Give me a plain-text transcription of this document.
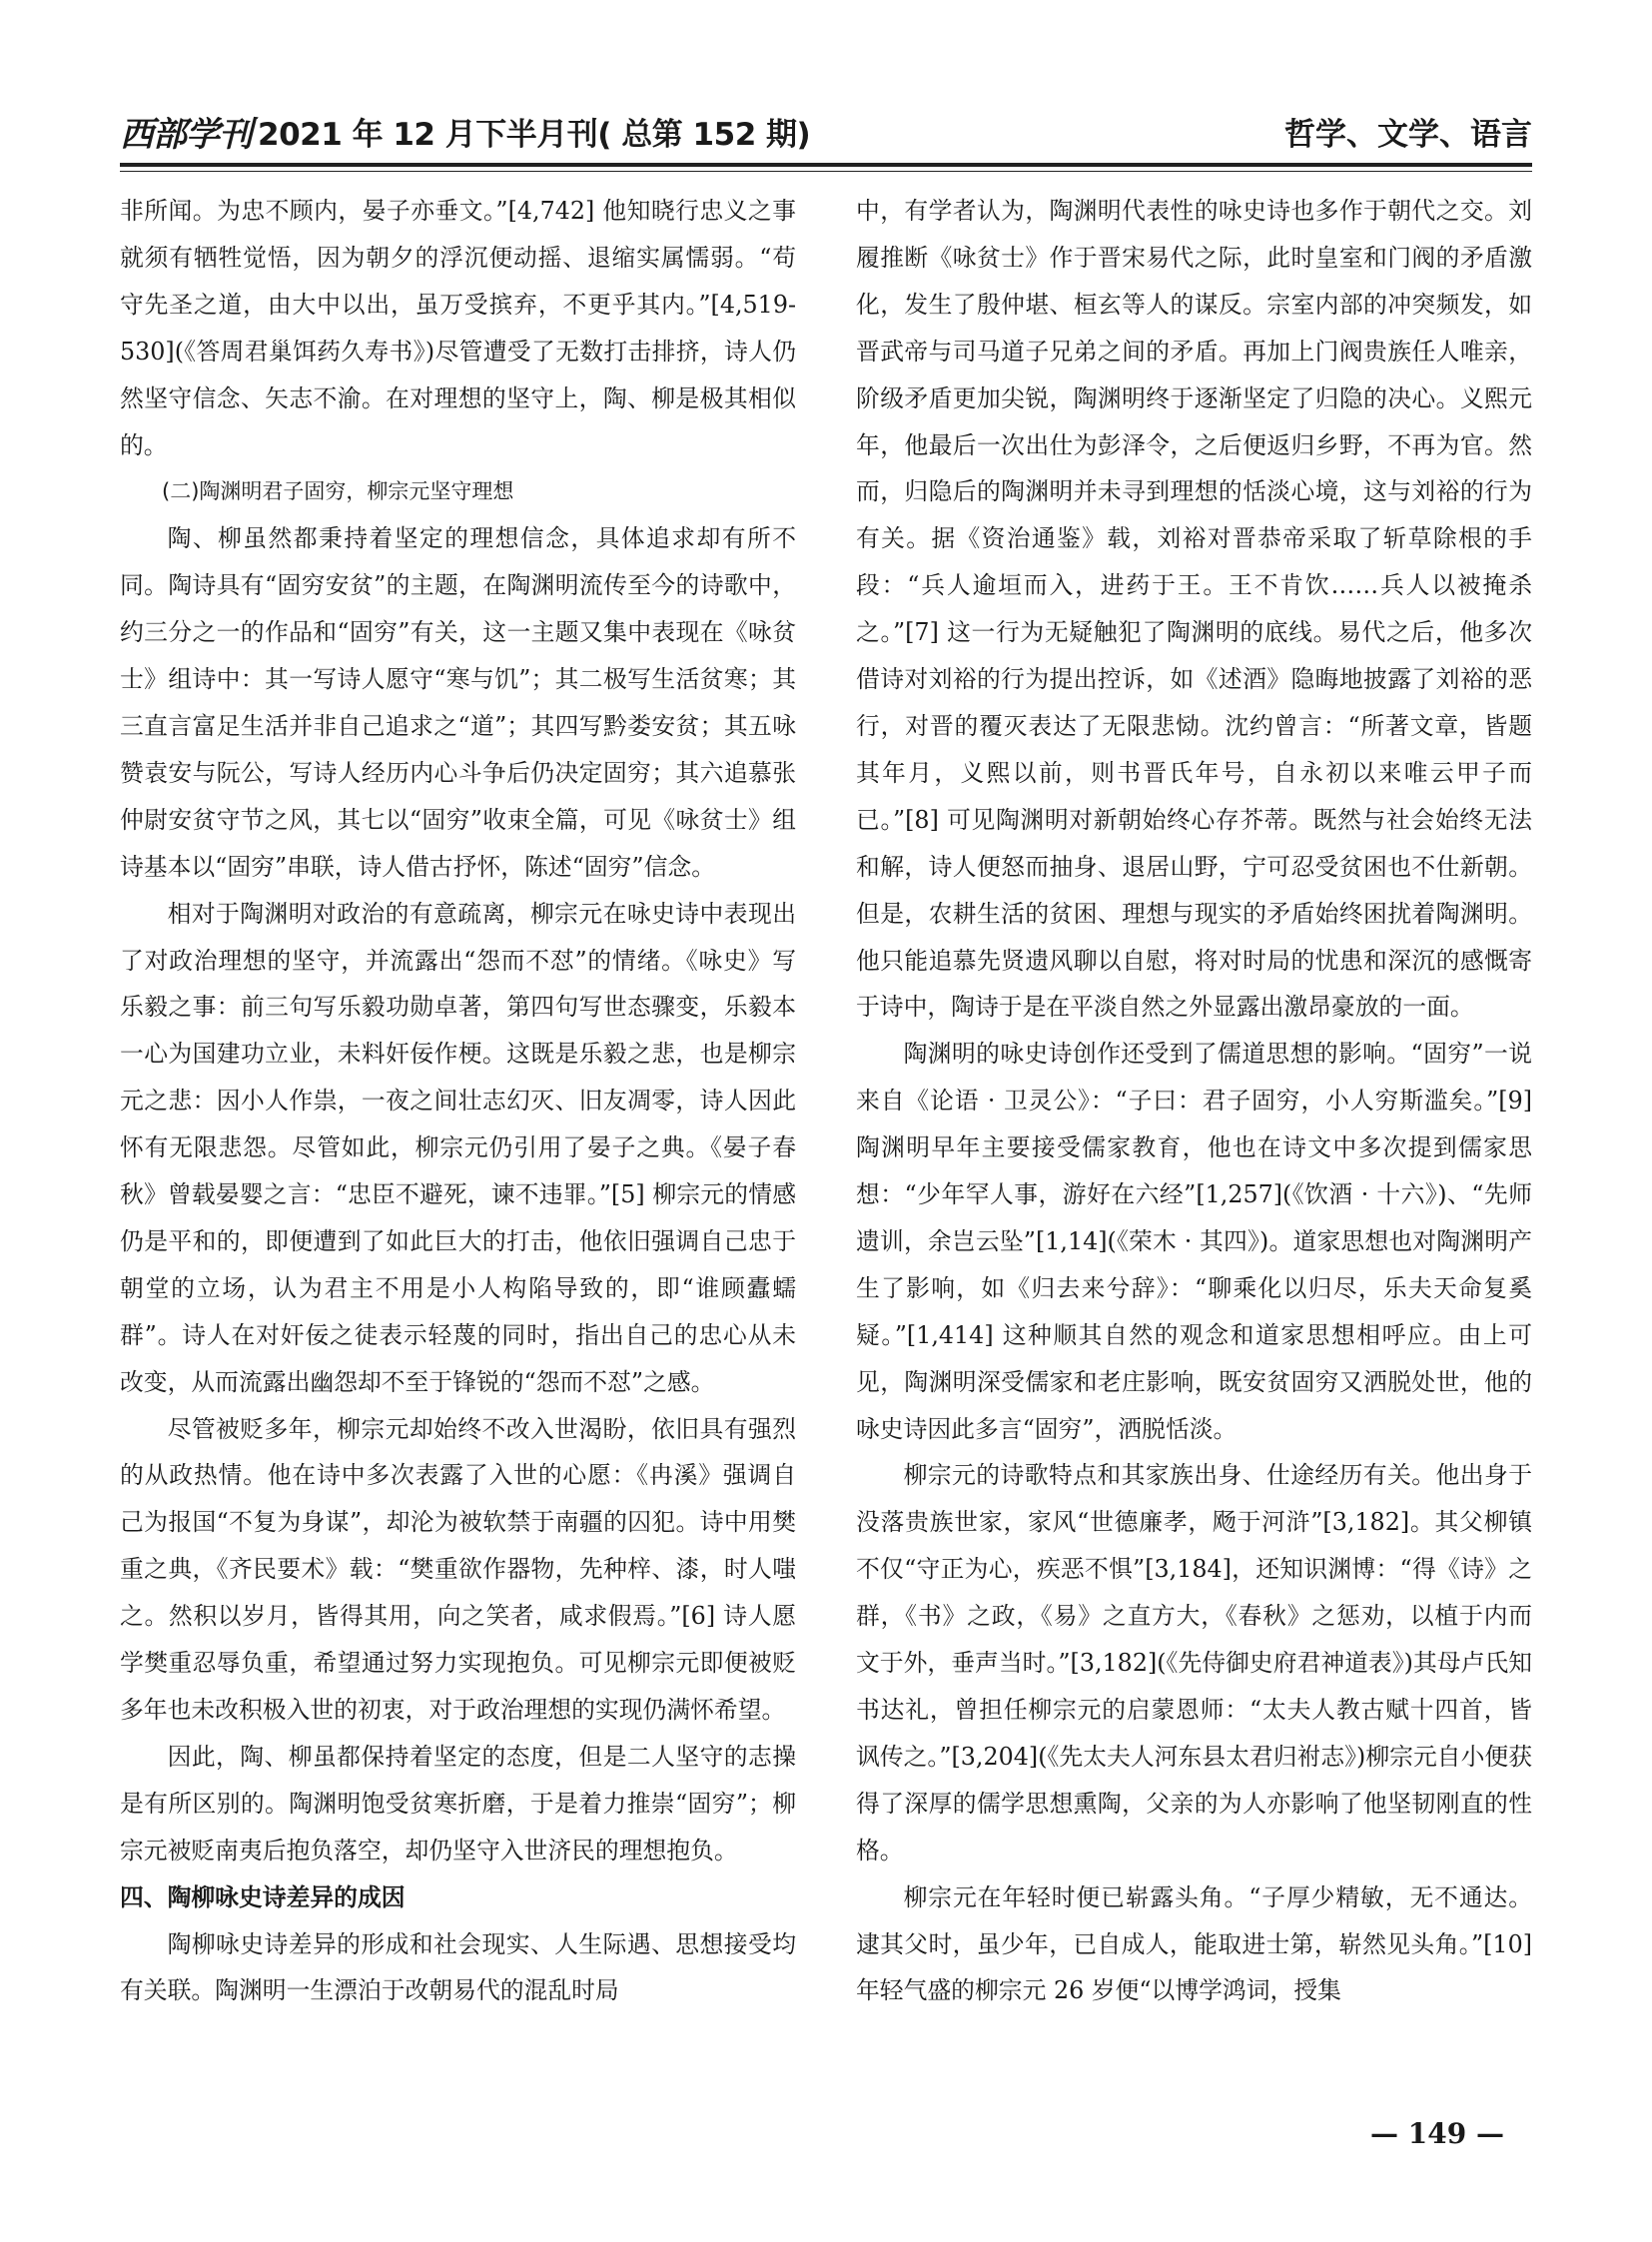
西部学刊 2021 年 12 月下半月刊( 总第 152 期)	哲学、文学、语言

非所闻。为忠不顾内，晏子亦垂文。”[4,742] 他知晓行忠义之事就须有牺牲觉悟，因为朝夕的浮沉便动摇、退缩实属懦弱。“苟守先圣之道，由大中以出，虽万受摈弃，不更乎其内。”[4,519-530](《答周君巢饵药久寿书》)尽管遭受了无数打击排挤，诗人仍然坚守信念、矢志不渝。在对理想的坚守上，陶、柳是极其相似的。

(二)陶渊明君子固穷，柳宗元坚守理想

陶、柳虽然都秉持着坚定的理想信念，具体追求却有所不同。陶诗具有“固穷安贫”的主题，在陶渊明流传至今的诗歌中，约三分之一的作品和“固穷”有关，这一主题又集中表现在《咏贫士》组诗中：其一写诗人愿守“寒与饥”；其二极写生活贫寒；其三直言富足生活并非自己追求之“道”；其四写黔娄安贫；其五咏赞袁安与阮公，写诗人经历内心斗争后仍决定固穷；其六追慕张仲尉安贫守节之风，其七以“固穷”收束全篇，可见《咏贫士》组诗基本以“固穷”串联，诗人借古抒怀，陈述“固穷”信念。

相对于陶渊明对政治的有意疏离，柳宗元在咏史诗中表现出了对政治理想的坚守，并流露出“怨而不怼”的情绪。《咏史》写乐毅之事：前三句写乐毅功勋卓著，第四句写世态骤变，乐毅本一心为国建功立业，未料奸佞作梗。这既是乐毅之悲，也是柳宗元之悲：因小人作祟，一夜之间壮志幻灭、旧友凋零，诗人因此怀有无限悲怨。尽管如此，柳宗元仍引用了晏子之典。《晏子春秋》曾载晏婴之言：“忠臣不避死，谏不违罪。”[5] 柳宗元的情感仍是平和的，即便遭到了如此巨大的打击，他依旧强调自己忠于朝堂的立场，认为君主不用是小人构陷导致的，即“谁顾蠹蠕群”。诗人在对奸佞之徒表示轻蔑的同时，指出自己的忠心从未改变，从而流露出幽怨却不至于锋锐的“怨而不怼”之感。

尽管被贬多年，柳宗元却始终不改入世渴盼，依旧具有强烈的从政热情。他在诗中多次表露了入世的心愿：《冉溪》强调自己为报国“不复为身谋”，却沦为被软禁于南疆的囚犯。诗中用樊重之典，《齐民要术》载：“樊重欲作器物，先种梓、漆，时人嗤之。然积以岁月，皆得其用，向之笑者，咸求假焉。”[6] 诗人愿学樊重忍辱负重，希望通过努力实现抱负。可见柳宗元即便被贬多年也未改积极入世的初衷，对于政治理想的实现仍满怀希望。

因此，陶、柳虽都保持着坚定的态度，但是二人坚守的志操是有所区别的。陶渊明饱受贫寒折磨，于是着力推崇“固穷”；柳宗元被贬南夷后抱负落空，却仍坚守入世济民的理想抱负。

四、陶柳咏史诗差异的成因

陶柳咏史诗差异的形成和社会现实、人生际遇、思想接受均有关联。陶渊明一生漂泊于改朝易代的混乱时局

中，有学者认为，陶渊明代表性的咏史诗也多作于朝代之交。刘履推断《咏贫士》作于晋宋易代之际，此时皇室和门阀的矛盾激化，发生了殷仲堪、桓玄等人的谋反。宗室内部的冲突频发，如晋武帝与司马道子兄弟之间的矛盾。再加上门阀贵族任人唯亲，阶级矛盾更加尖锐，陶渊明终于逐渐坚定了归隐的决心。义熙元年，他最后一次出仕为彭泽令，之后便返归乡野，不再为官。然而，归隐后的陶渊明并未寻到理想的恬淡心境，这与刘裕的行为有关。据《资治通鉴》载，刘裕对晋恭帝采取了斩草除根的手段：“兵人逾垣而入，进药于王。王不肯饮……兵人以被掩杀之。”[7] 这一行为无疑触犯了陶渊明的底线。易代之后，他多次借诗对刘裕的行为提出控诉，如《述酒》隐晦地披露了刘裕的恶行，对晋的覆灭表达了无限悲恸。沈约曾言：“所著文章，皆题其年月，义熙以前，则书晋氏年号，自永初以来唯云甲子而已。”[8] 可见陶渊明对新朝始终心存芥蒂。既然与社会始终无法和解，诗人便怒而抽身、退居山野，宁可忍受贫困也不仕新朝。但是，农耕生活的贫困、理想与现实的矛盾始终困扰着陶渊明。他只能追慕先贤遗风聊以自慰，将对时局的忧患和深沉的感慨寄于诗中，陶诗于是在平淡自然之外显露出激昂豪放的一面。

陶渊明的咏史诗创作还受到了儒道思想的影响。“固穷”一说来自《论语 · 卫灵公》：“子曰：君子固穷，小人穷斯滥矣。”[9] 陶渊明早年主要接受儒家教育，他也在诗文中多次提到儒家思想：“少年罕人事，游好在六经”[1,257](《饮酒 · 十六》)、“先师遗训，余岂云坠”[1,14](《荣木 · 其四》)。道家思想也对陶渊明产生了影响，如《归去来兮辞》：“聊乘化以归尽，乐夫天命复奚疑。”[1,414] 这种顺其自然的观念和道家思想相呼应。由上可见，陶渊明深受儒家和老庄影响，既安贫固穷又洒脱处世，他的咏史诗因此多言“固穷”，洒脱恬淡。

柳宗元的诗歌特点和其家族出身、仕途经历有关。他出身于没落贵族世家，家风“世德廉孝，飏于河浒”[3,182]。其父柳镇不仅“守正为心，疾恶不惧”[3,184]，还知识渊博：“得《诗》之群，《书》之政，《易》之直方大，《春秋》之惩劝，以植于内而文于外，垂声当时。”[3,182](《先侍御史府君神道表》)其母卢氏知书达礼，曾担任柳宗元的启蒙恩师：“太夫人教古赋十四首，皆讽传之。”[3,204](《先太夫人河东县太君归祔志》)柳宗元自小便获得了深厚的儒学思想熏陶，父亲的为人亦影响了他坚韧刚直的性格。

柳宗元在年轻时便已崭露头角。“子厚少精敏，无不通达。逮其父时，虽少年，已自成人，能取进士第，崭然见头角。”[10] 年轻气盛的柳宗元 26 岁便“以博学鸿词，授集

— 149 —
